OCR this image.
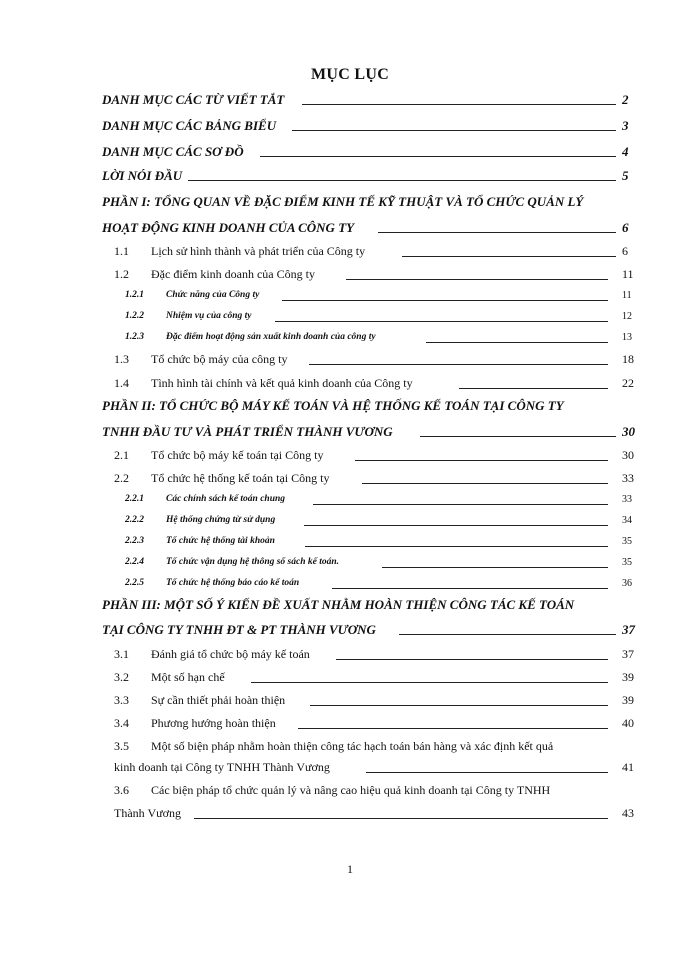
MỤC LỤC
DANH MỤC CÁC TỪ VIẾT TẮT	2
DANH MỤC CÁC BẢNG BIỂU	3
DANH MỤC CÁC SƠ ĐỒ	4
LỜI NÓI ĐẦU	5
PHẦN I: TỔNG QUAN VỀ ĐẶC ĐIỂM KINH TẾ KỸ THUẬT VÀ TỔ CHỨC QUẢN LÝ
HOẠT ĐỘNG KINH DOANH CỦA CÔNG TY	6
1.1 Lịch sử hình thành và phát triển của Công ty	6
1.2 Đặc điểm kinh doanh của Công ty	11
1.2.1 Chức năng của Công ty	11
1.2.2 Nhiệm vụ của công ty	12
1.2.3 Đặc điểm hoạt động sản xuất kinh doanh của công ty	13
1.3 Tổ chức bộ máy của công ty	18
1.4 Tình hình tài chính và kết quả kinh doanh của Công ty	22
PHẦN II: TỔ CHỨC BỘ MÁY KẾ TOÁN VÀ HỆ THỐNG KẾ TOÁN TẠI CÔNG TY
TNHH ĐẦU TƯ VÀ PHÁT TRIỂN THÀNH VƯƠNG	30
2.1 Tổ chức bộ máy kế toán tại Công ty	30
2.2 Tổ chức hệ thống kế toán tại Công ty	33
2.2.1 Các chính sách kế toán chung	33
2.2.2 Hệ thống chứng từ sử dụng	34
2.2.3 Tổ chức hệ thống tài khoản	35
2.2.4 Tổ chức vận dụng hệ thông sổ sách kế toán.	35
2.2.5 Tổ chức hệ thống báo cáo kế toán	36
PHẦN III: MỘT SỐ Ý KIẾN ĐỀ XUẤT NHẰM HOÀN THIỆN CÔNG TÁC KẾ TOÁN
TẠI CÔNG TY TNHH ĐT & PT THÀNH VƯƠNG	37
3.1 Đánh giá tổ chức bộ máy kế toán	37
3.2 Một số hạn chế	39
3.3 Sự cần thiết phải hoàn thiện	39
3.4 Phương hướng hoàn thiện	40
3.5 Một số biện pháp nhằm hoàn thiện công tác hạch toán bán hàng và xác định kết quả
kinh doanh tại Công ty TNHH Thành Vương	41
3.6 Các biện pháp tổ chức quản lý và nâng cao hiệu quả kinh doanh tại Công ty TNHH
Thành Vương	43
1
